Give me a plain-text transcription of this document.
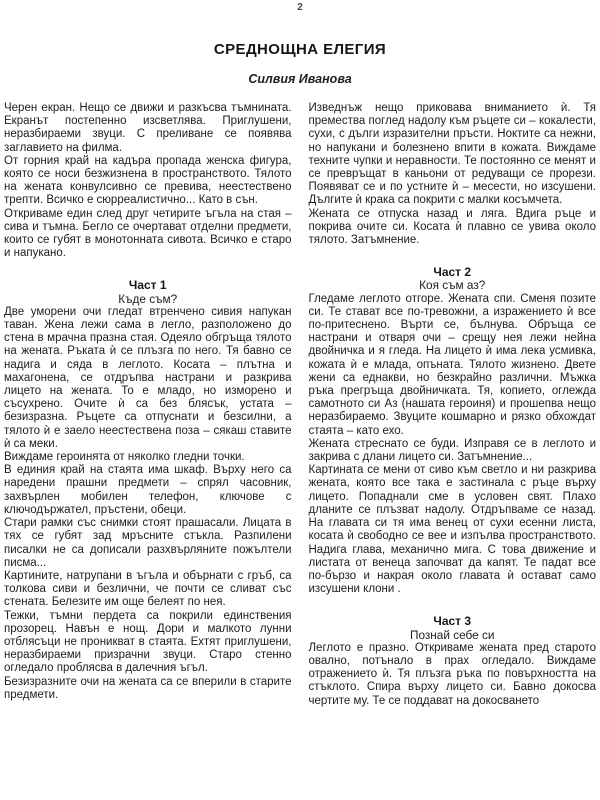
2
СРЕДНОЩНА ЕЛЕГИЯ
Силвия Иванова

Черен екран. Нещо се движи и разкъсва тъмнината. Екранът постепенно изсветлява. Приглушени, неразбираеми звуци. С преливане се появява заглавието на филма.

От горния край на кадъра пропада женска фигура, която се носи безжизнена в пространството. Тялото на жената конвулсивно се превива, неестествено трепти. Всичко е сюрреалистично... Като в сън.

Откриваме един след друг четирите ъгъла на стая – сива и тъмна. Бегло се очертават отделни предмети, които се губят в монотонната сивота. Всичко е старо и напукано.

Част 1

Къде съм?

Две уморени очи гледат втренчено сивия напукан таван. Жена лежи сама в легло, разположено до стена в мрачна празна стая. Одеяло обгръща тялото на жената. Ръката ѝ се плъзга по него. Тя бавно се надига и сяда в леглото. Косата – плътна и махагонена, се отдръпва настрани и разкрива лицето на жената. То е младо, но изморено и съсухрено. Очите ѝ са без блясък, устата – безизразна. Ръцете са отпуснати и безсилни, а тялото ѝ е заело неестествена поза – сякаш ставите ѝ са меки.

Виждаме героинята от няколко гледни точки.

В единия край на стаята има шкаф. Върху него са наредени прашни предмети – спрял часовник, захвърлен мобилен телефон, ключове с ключодържател, пръстени, обеци.

Стари рамки със снимки стоят прашасали. Лицата в тях се губят зад мръсните стъкла. Разпилени писалки не са дописали разхвърляните пожълтели писма...

Картините, натрупани в ъгъла и обърнати с гръб, са толкова сиви и безлични, че почти се сливат със стената. Белезите им още белеят по нея.

Тежки, тъмни пердета са покрили единствения прозорец. Навън е нощ. Дори и малкото лунни отблясъци не проникват в стаята. Ехтят приглушени, неразбираеми призрачни звуци. Старо стенно огледало проблясва в далечния ъгъл.

Безизразните очи на жената са се вперили в старите предмети.

Изведнъж нещо приковава вниманието ѝ. Тя премества поглед надолу към ръцете си – кокалести, сухи, с дълги изразителни пръсти. Ноктите са нежни, но напукани и болезнено впити в кожата. Виждаме техните чупки и неравности. Те постоянно се менят и се превръщат в каньони от редуващи се прорези. Появяват се и по устните ѝ – месести, но изсушени. Дългите ѝ крака са покрити с малки косъмчета.

Жената се отпуска назад и ляга. Вдига ръце и покрива очите си. Косата ѝ плавно се увива около тялото. Затъмнение.

Част 2

Коя съм аз?

Гледаме леглото отгоре. Жената спи. Сменя позите си. Те стават все по-тревожни, а изражението ѝ все по-притеснено. Върти се, бълнува. Обръща се настрани и отваря очи – срещу нея лежи нейна двойничка и я гледа. На лицето ѝ има лека усмивка, кожата ѝ е млада, опъната. Тялото жизнено. Двете жени са еднакви, но безкрайно различни. Мъжка ръка прегръща двойничката. Тя, копието, оглежда самотното си Аз (нашата героиня) и прошепва нещо неразбираемо. Звуците кошмарно и рязко обхождат стаята – като ехо.

Жената стреснато се буди. Изправя се в леглото и закрива с длани лицето си. Затъмнение...

Картината се мени от сиво към светло и ни разкрива жената, която все така е застинала с ръце върху лицето. Попаднали сме в условен свят. Плахо дланите се плъзват надолу. Отдръпваме се назад. На главата си тя има венец от сухи есенни листа, косата ѝ свободно се вее и изпълва пространството. Надига глава, механично мига. С това движение и листата от венеца започват да капят. Те падат все по-бързо и накрая около главата ѝ остават само изсушени клони .

Част 3

Познай себе си

Леглото е празно. Откриваме жената пред старото овално, потънало в прах огледало. Виждаме отражението ѝ. Тя плъзга ръка по повърхността на стъклото. Спира върху лицето си. Бавно докосва чертите му. Те се поддават на докосването
